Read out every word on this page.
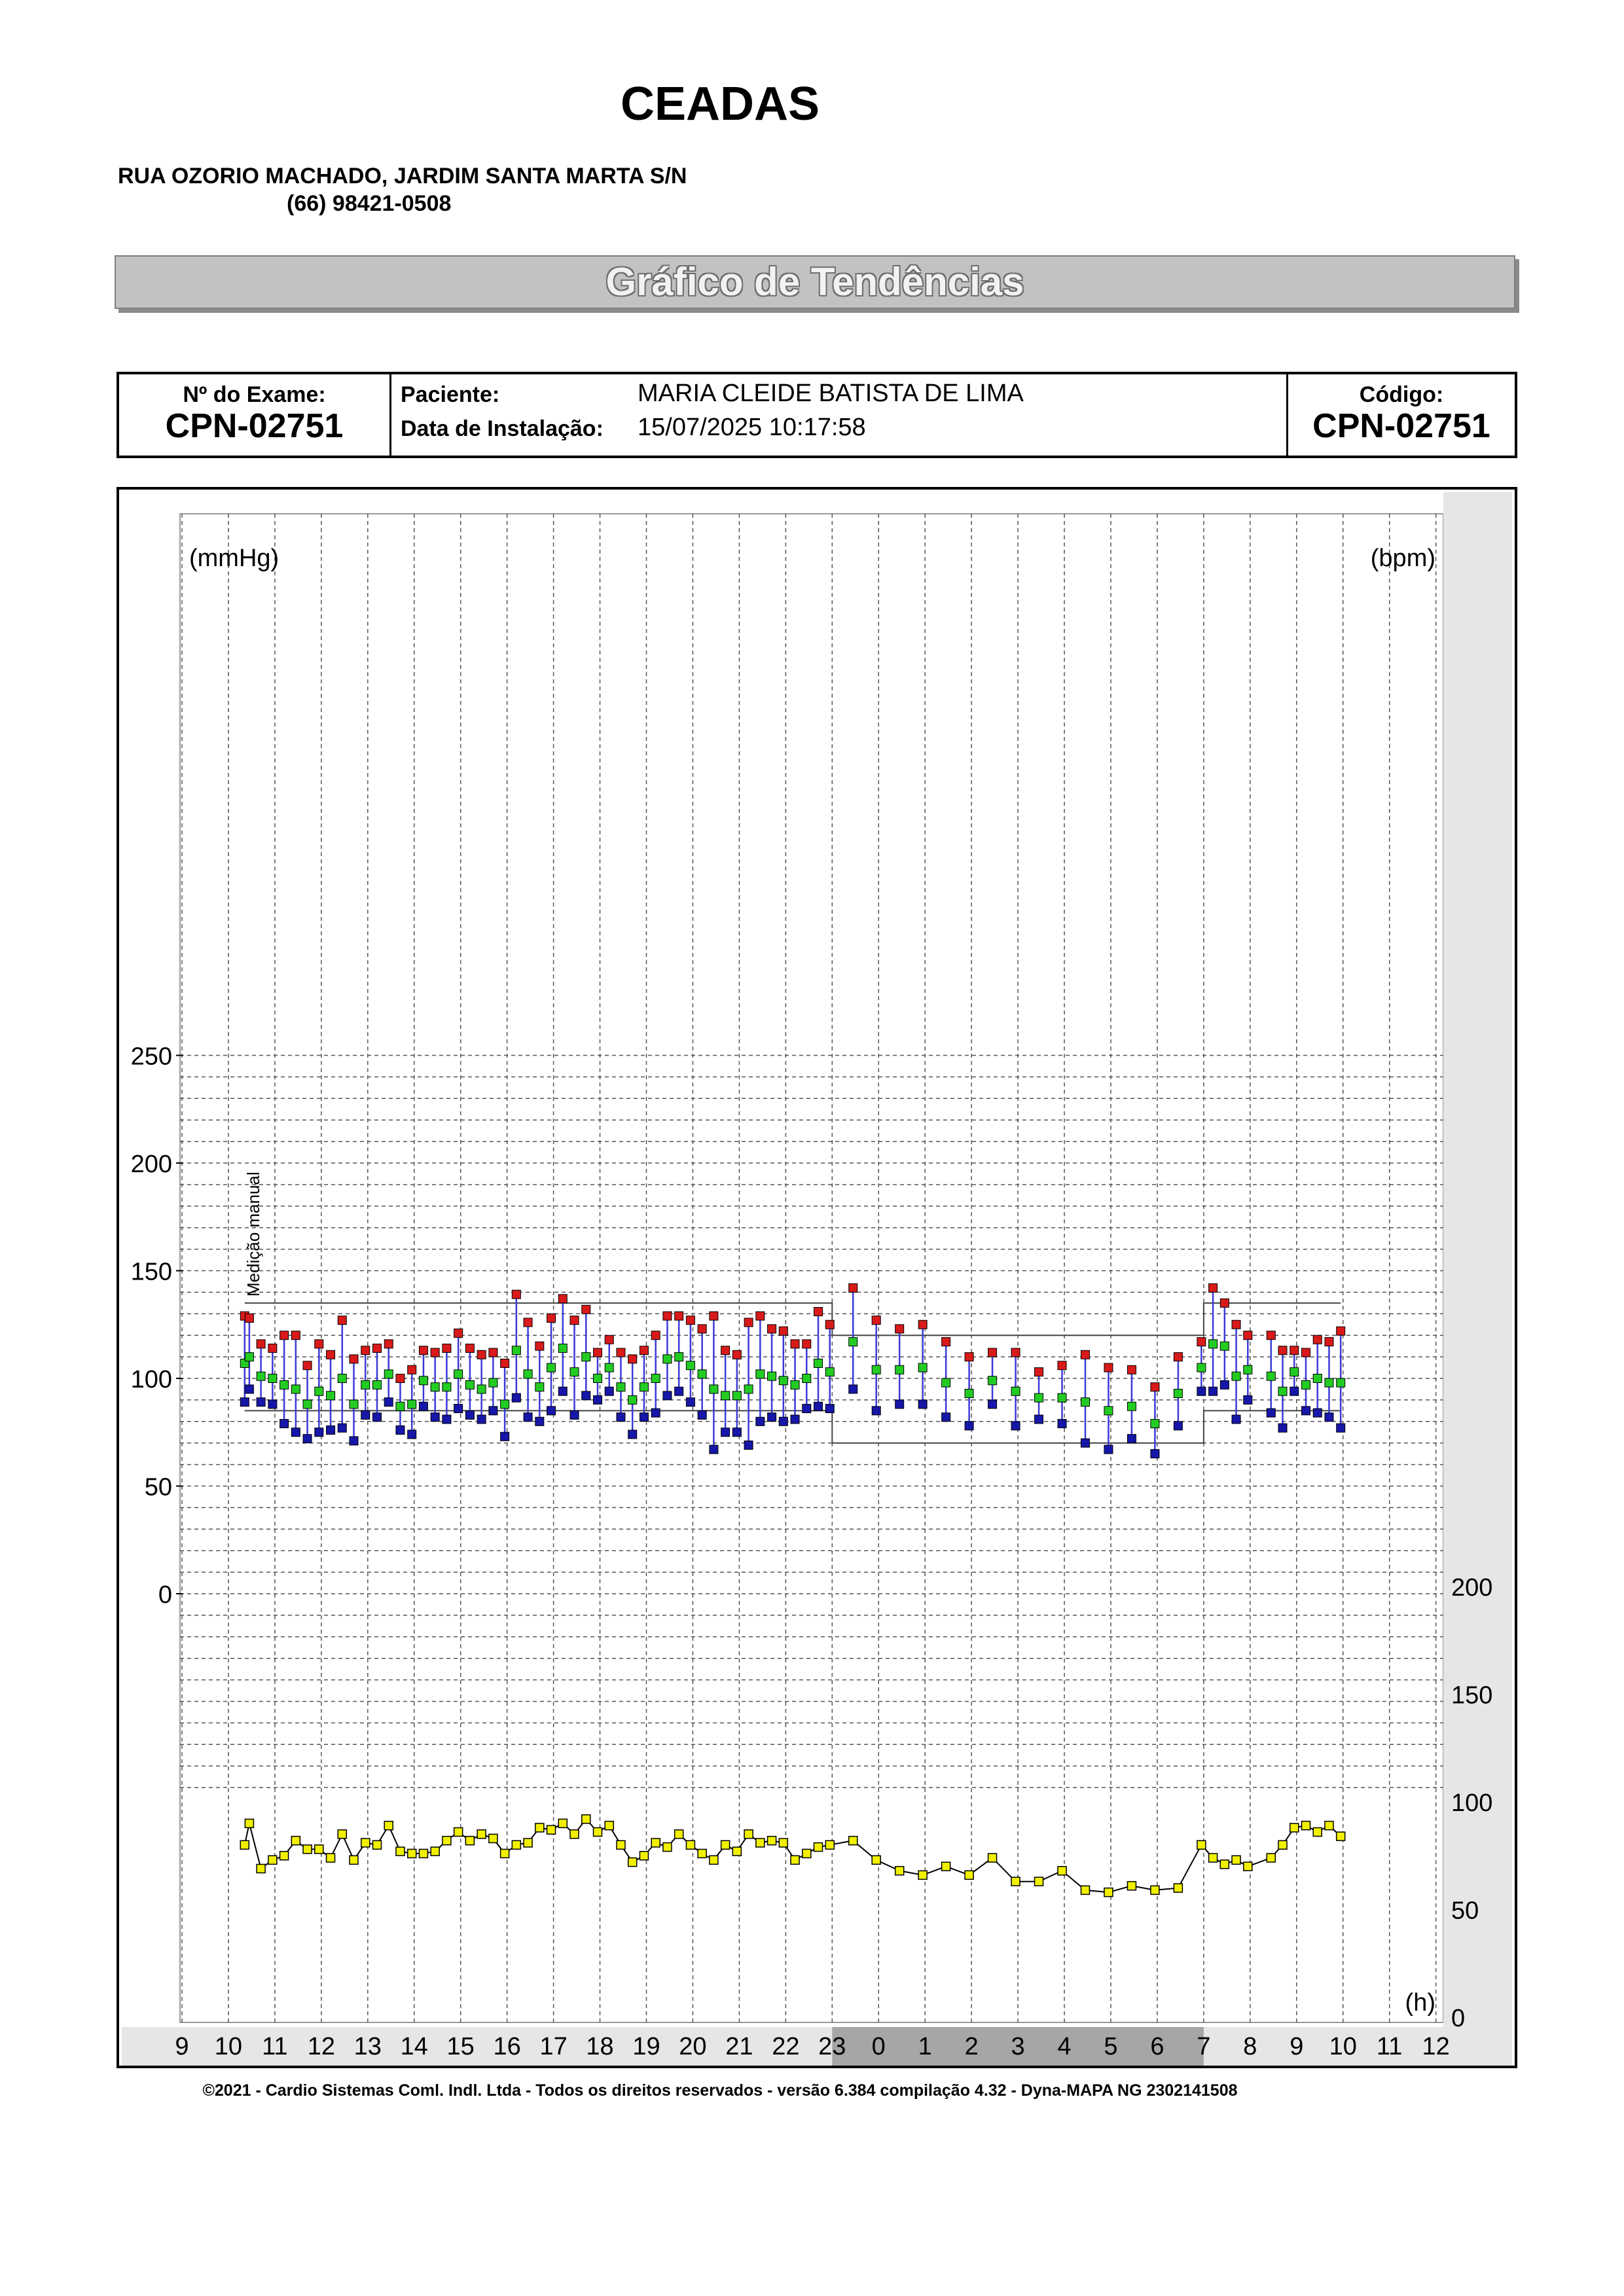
CEADAS
RUA OZORIO MACHADO, JARDIM SANTA MARTA S/N
(66) 98421-0508
Gráfico de Tendências
Nº do Exame:
CPN-02751
Paciente:	MARIA CLEIDE BATISTA DE LIMA
Data de Instalação: 15/07/2025 10:17:58
Código:
CPN-02751
250
200
150
100
50
0	200
150
100
50
0
(mmHg)	(bpm)
(h)
9 10 11 12 13 14 15 16 17 18 19 20 21 22 23 0 1 2 3 4 5 6 7 8 9 10 11 12
Medição manual
©2021 - Cardio Sistemas Coml. Indl. Ltda - Todos os direitos reservados - versão 6.384 compilação 4.32 - Dyna-MAPA NG 2302141508
